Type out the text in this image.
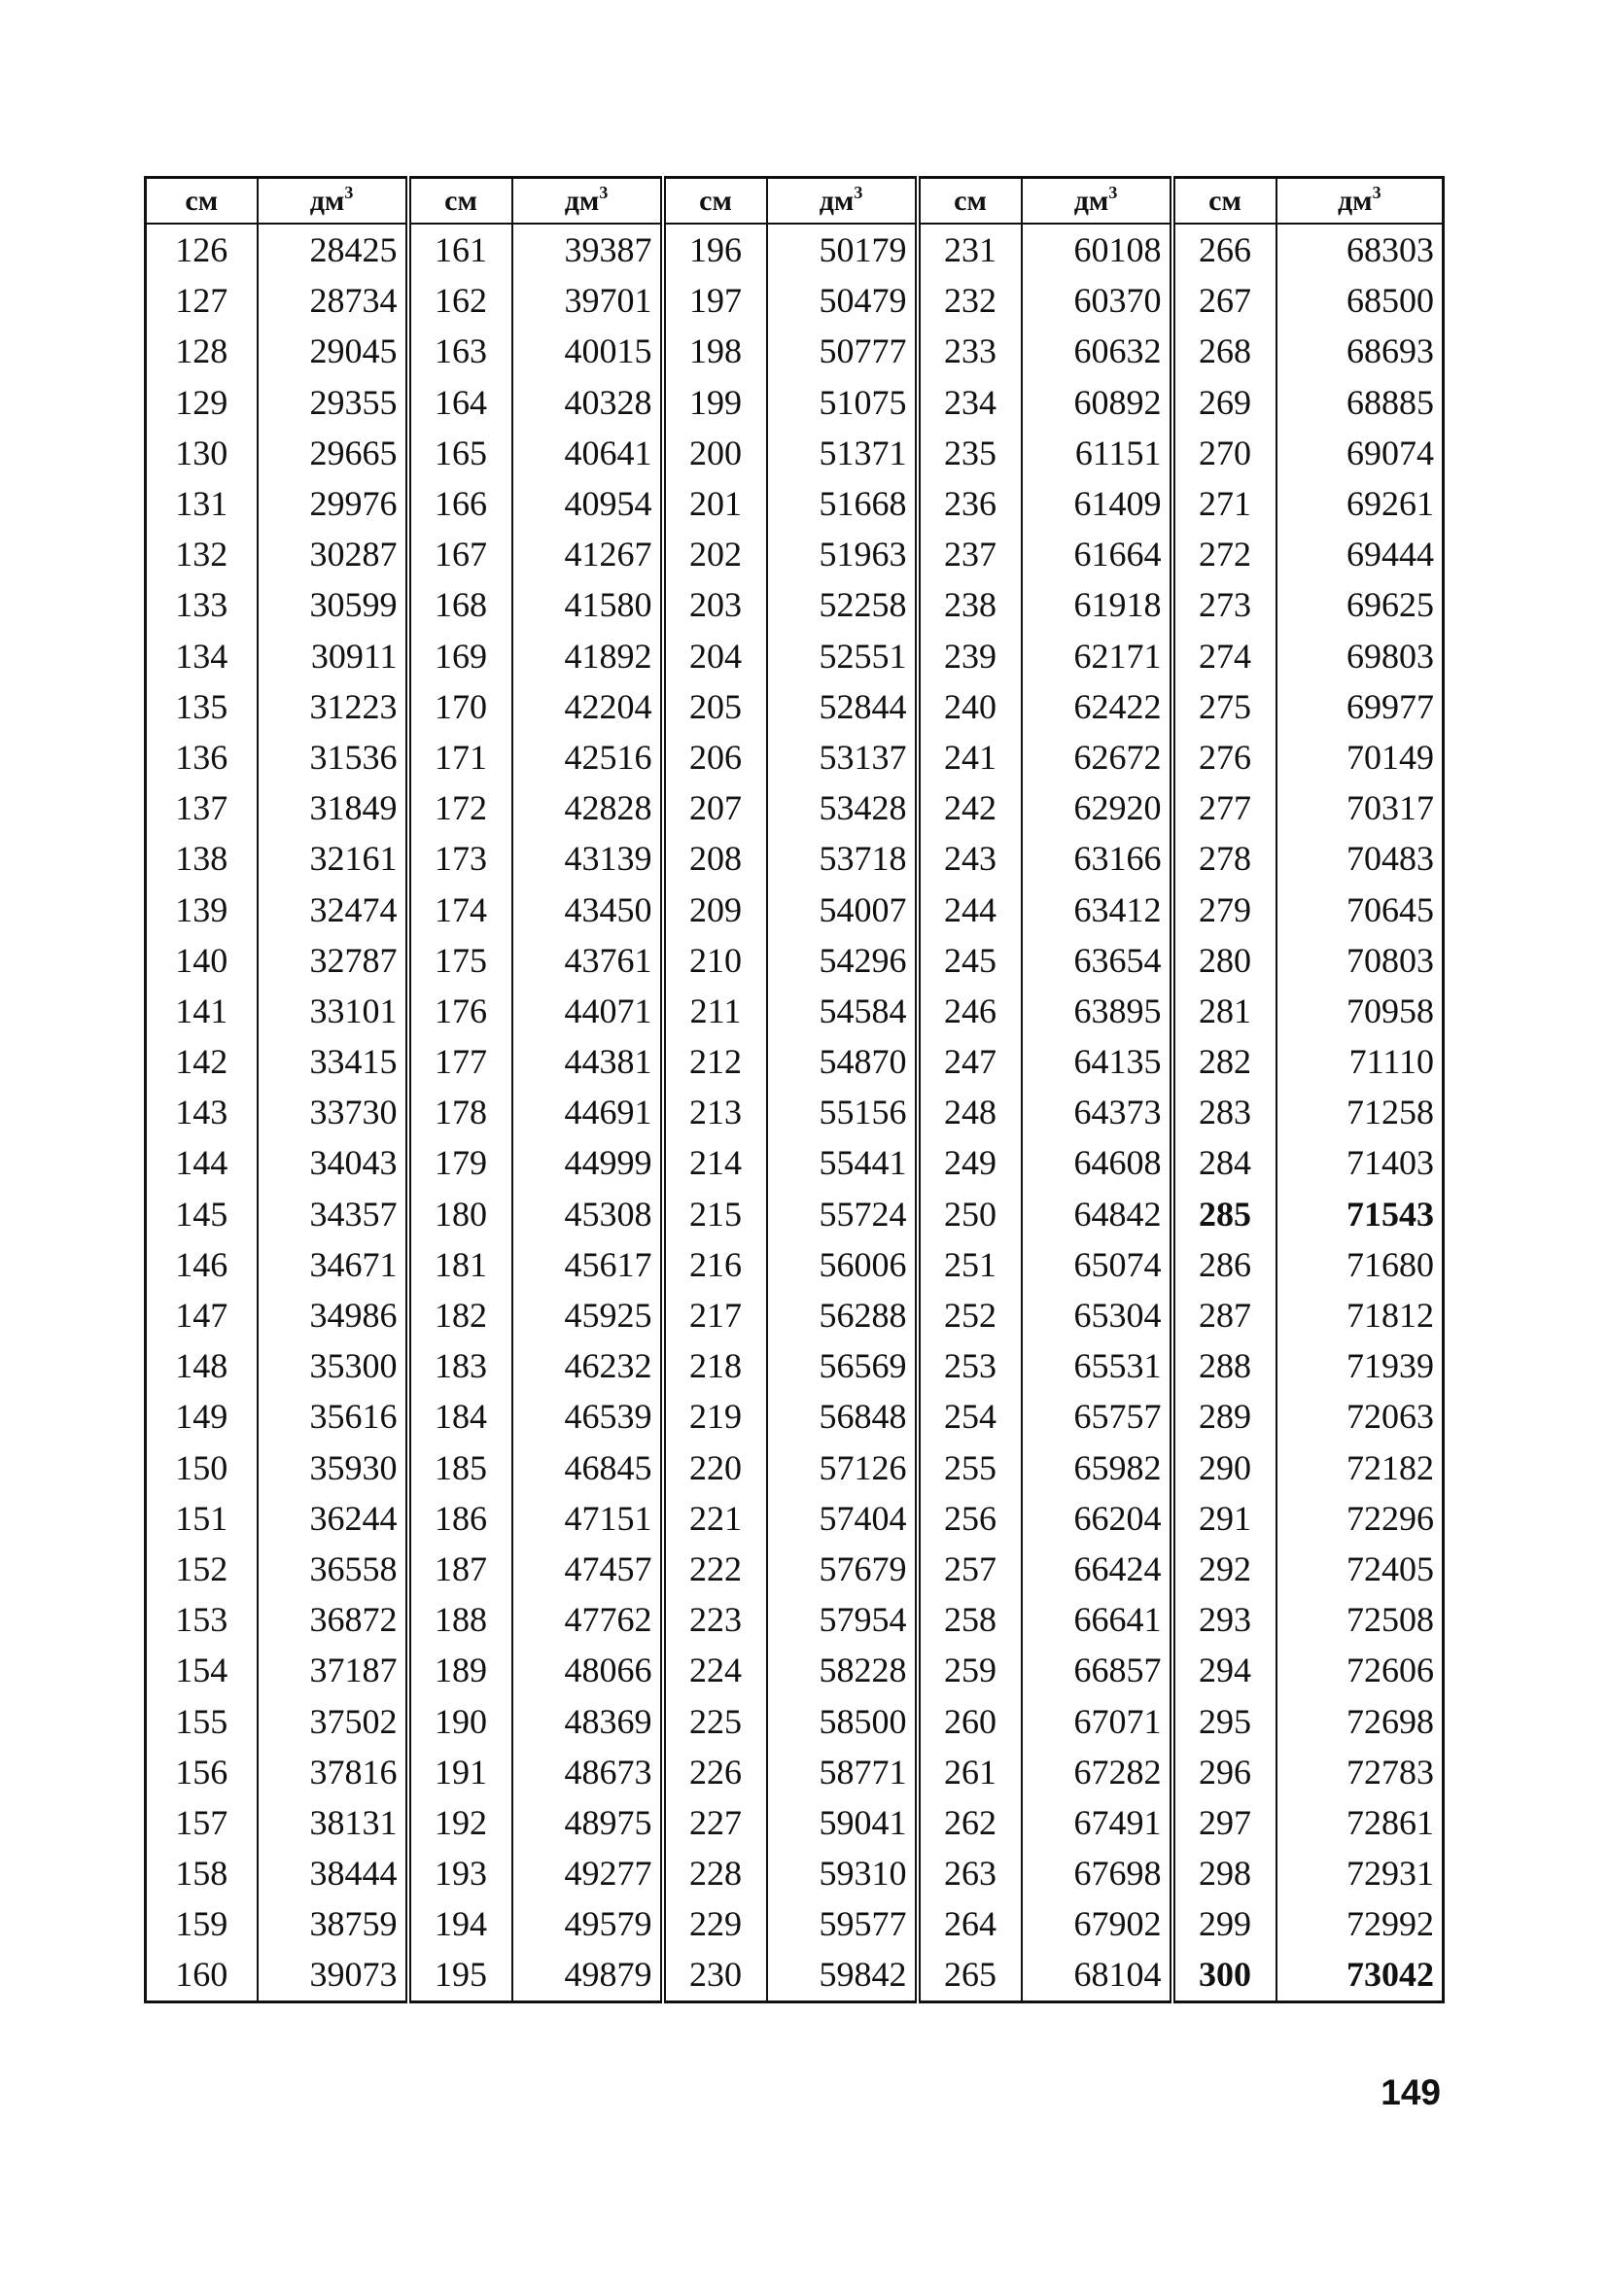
см	$дм^3$	см	$дм^3$	см	$дм^3$	см	$дм^3$	см	$дм^3$
126	28425	161	39387	196	50179	231	60108	266	68303
127	28734	162	39701	197	50479	232	60370	267	68500
128	29045	163	40015	198	50777	233	60632	268	68693
129	29355	164	40328	199	51075	234	60892	269	68885
130	29665	165	40641	200	51371	235	61151	270	69074
131	29976	166	40954	201	51668	236	61409	271	69261
132	30287	167	41267	202	51963	237	61664	272	69444
133	30599	168	41580	203	52258	238	61918	273	69625
134	30911	169	41892	204	52551	239	62171	274	69803
135	31223	170	42204	205	52844	240	62422	275	69977
136	31536	171	42516	206	53137	241	62672	276	70149
137	31849	172	42828	207	53428	242	62920	277	70317
138	32161	173	43139	208	53718	243	63166	278	70483
139	32474	174	43450	209	54007	244	63412	279	70645
140	32787	175	43761	210	54296	245	63654	280	70803
141	33101	176	44071	211	54584	246	63895	281	70958
142	33415	177	44381	212	54870	247	64135	282	71110
143	33730	178	44691	213	55156	248	64373	283	71258
144	34043	179	44999	214	55441	249	64608	284	71403
145	34357	180	45308	215	55724	250	64842	285	71543
146	34671	181	45617	216	56006	251	65074	286	71680
147	34986	182	45925	217	56288	252	65304	287	71812
148	35300	183	46232	218	56569	253	65531	288	71939
149	35616	184	46539	219	56848	254	65757	289	72063
150	35930	185	46845	220	57126	255	65982	290	72182
151	36244	186	47151	221	57404	256	66204	291	72296
152	36558	187	47457	222	57679	257	66424	292	72405
153	36872	188	47762	223	57954	258	66641	293	72508
154	37187	189	48066	224	58228	259	66857	294	72606
155	37502	190	48369	225	58500	260	67071	295	72698
156	37816	191	48673	226	58771	261	67282	296	72783
157	38131	192	48975	227	59041	262	67491	297	72861
158	38444	193	49277	228	59310	263	67698	298	72931
159	38759	194	49579	229	59577	264	67902	299	72992
160	39073	195	49879	230	59842	265	68104	300	73042
149
